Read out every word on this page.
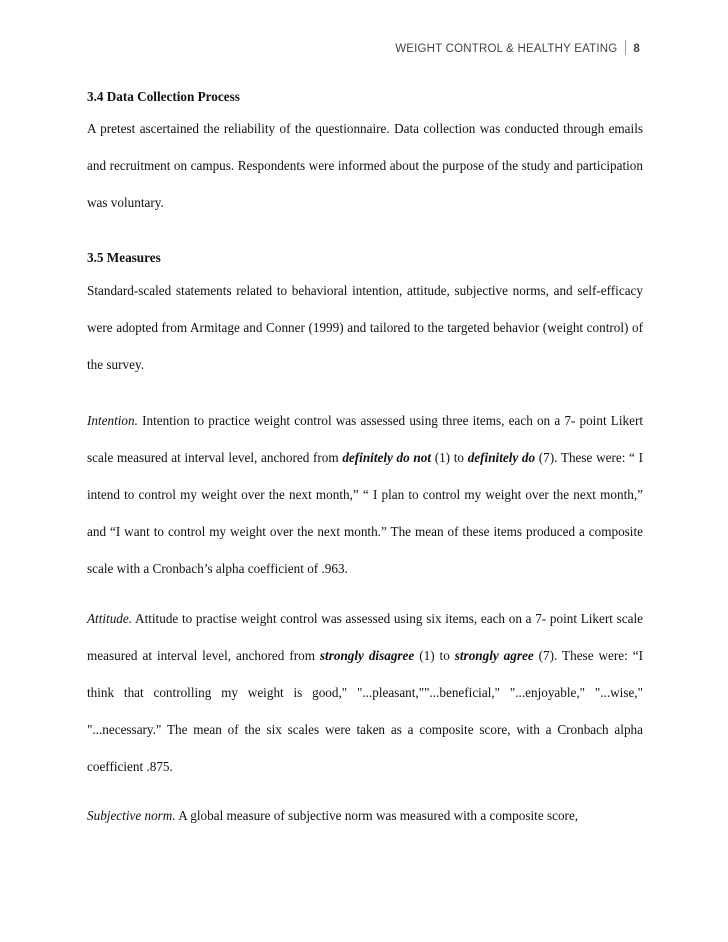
WEIGHT CONTROL & HEALTHY EATING 8
3.4 Data Collection Process

A pretest ascertained the reliability of the questionnaire. Data collection was conducted through emails and recruitment on campus. Respondents were informed about the purpose of the study and participation was voluntary.

3.5 Measures

Standard-scaled statements related to behavioral intention, attitude, subjective norms, and self-efficacy were adopted from Armitage and Conner (1999) and tailored to the targeted behavior (weight control) of the survey.

Intention. Intention to practice weight control was assessed using three items, each on a 7- point Likert scale measured at interval level, anchored from definitely do not (1) to definitely do (7). These were: “ I intend to control my weight over the next month,” “ I plan to control my weight over the next month,” and “I want to control my weight over the next month.” The mean of these items produced a composite scale with a Cronbach’s alpha coefficient of .963.

Attitude. Attitude to practise weight control was assessed using six items, each on a 7- point Likert scale measured at interval level, anchored from strongly disagree (1) to strongly agree (7). These were: “I think that controlling my weight is good," "...pleasant,""...beneficial," "...enjoyable," "...wise," "...necessary." The mean of the six scales were taken as a composite score, with a Cronbach alpha coefficient .875.

Subjective norm. A global measure of subjective norm was measured with a composite score,
